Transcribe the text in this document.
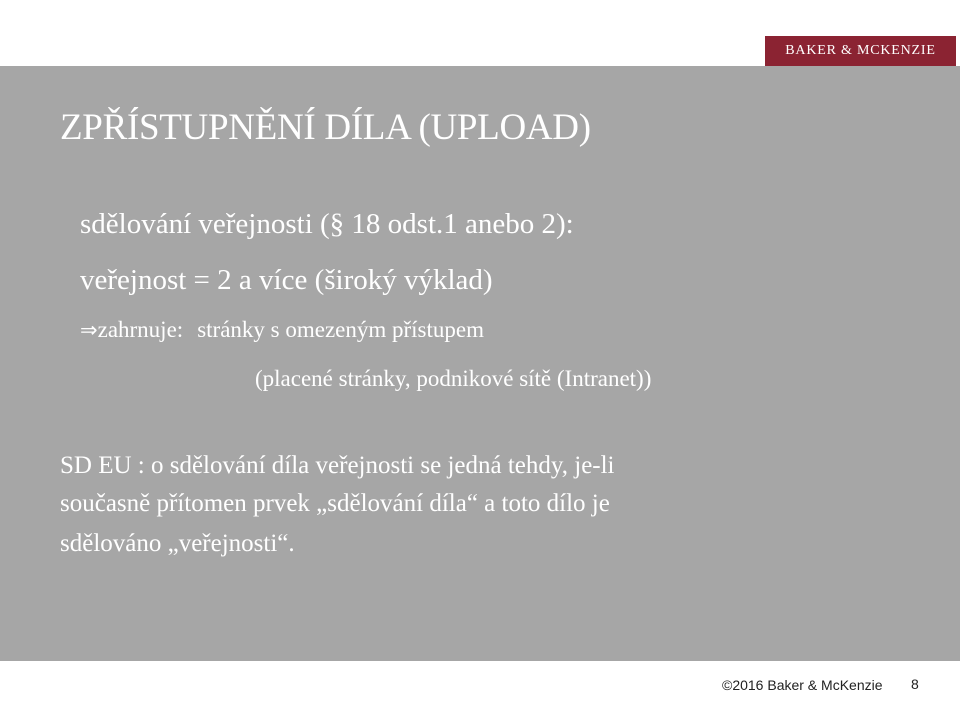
BAKER & MCKENZIE
ZPŘÍSTUPNĚNÍ DÍLA (UPLOAD)
sdělování veřejnosti (§ 18 odst.1 anebo 2):
veřejnost = 2 a více (široký výklad)
⇒zahrnuje: stránky s omezeným přístupem
(placené stránky, podnikové sítě (Intranet))
SD EU : o sdělování díla veřejnosti se jedná tehdy, je-li
současně přítomen prvek „sdělování díla“ a toto dílo je
sdělováno „veřejnosti“.
©2016 Baker & McKenzie 8
